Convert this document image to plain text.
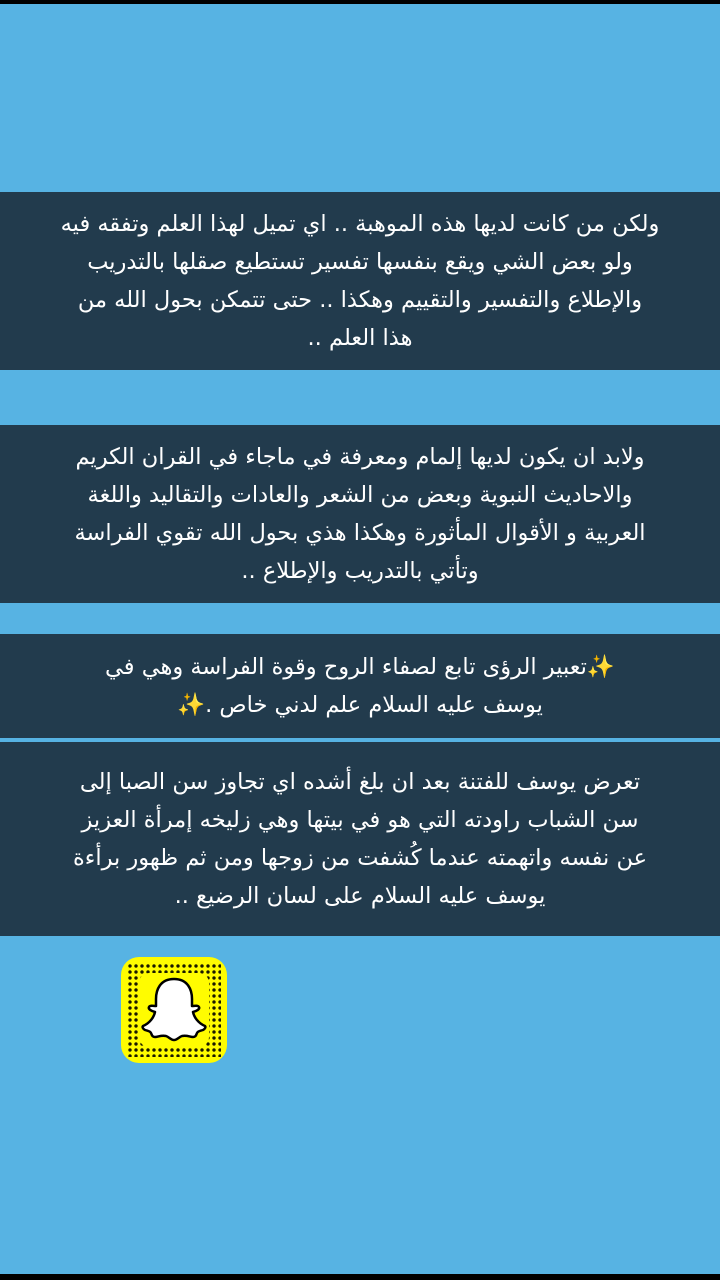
ولكن من كانت لديها هذه الموهبة .. اي تميل لهذا العلم وتفقه فيه
ولو بعض الشي ويقع بنفسها تفسير تستطيع صقلها بالتدريب
والإطلاع والتفسير والتقييم وهكذا .. حتى تتمكن بحول الله من
هذا العلم ..

ولابد ان يكون لديها إلمام ومعرفة في ماجاء في القران الكريم
والاحاديث النبوية وبعض من الشعر والعادات والتقاليد واللغة
العربية و الأقوال المأثورة وهكذا هذي بحول الله تقوي الفراسة
وتأتي بالتدريب والإطلاع ..

✨تعبير الرؤى تابع لصفاء الروح وقوة الفراسة وهي في
يوسف عليه السلام علم لدني خاص .✨

تعرض يوسف للفتنة بعد ان بلغ أشده اي تجاوز سن الصبا إلى
سن الشباب راودته التي هو في بيتها وهي زليخه إمرأة العزيز
عن نفسه واتهمته عندما كُشفت من زوجها ومن ثم ظهور برأءة
يوسف عليه السلام على لسان الرضيع ..
